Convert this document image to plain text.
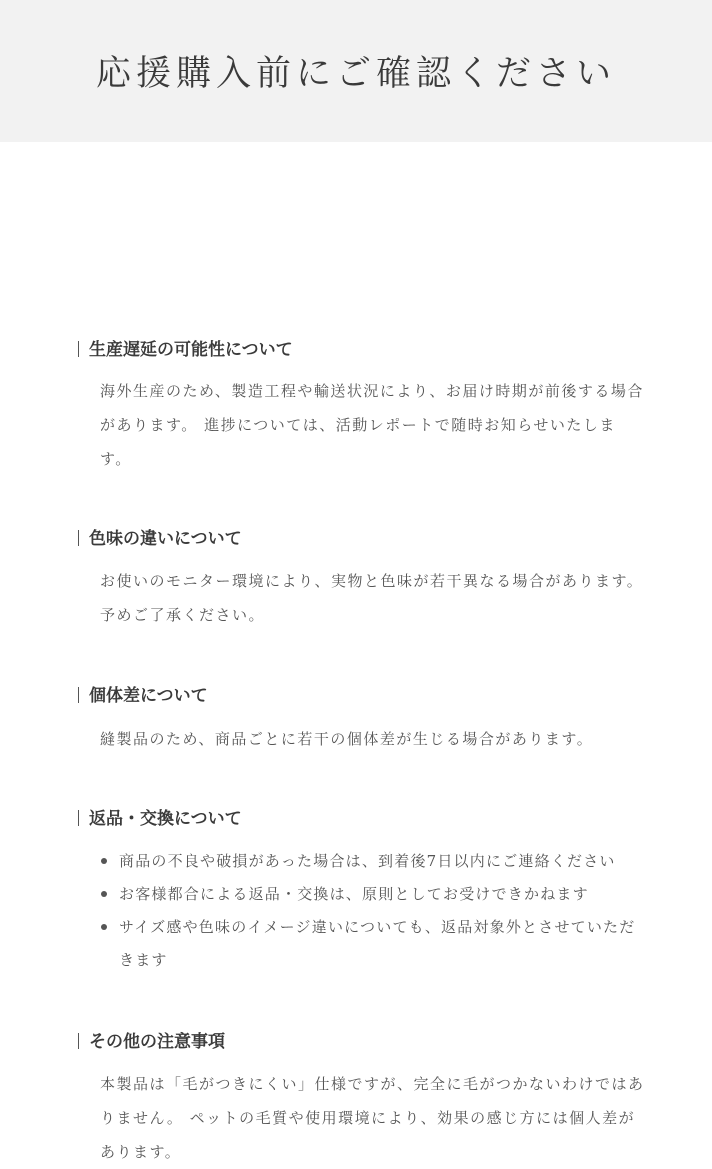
応援購入前にご確認ください
生産遅延の可能性について

海外生産のため、製造工程や輸送状況により、お届け時期が前後する場合があります。 進捗については、活動レポートで随時お知らせいたします。

色味の違いについて

お使いのモニター環境により、実物と色味が若干異なる場合があります。 予めご了承ください。

個体差について

縫製品のため、商品ごとに若干の個体差が生じる場合があります。

返品・交換について
商品の不良や破損があった場合は、到着後7日以内にご連絡ください
お客様都合による返品・交換は、原則としてお受けできかねます
サイズ感や色味のイメージ違いについても、返品対象外とさせていただきます
その他の注意事項

本製品は「毛がつきにくい」仕様ですが、完全に毛がつかないわけではありません。 ペットの毛質や使用環境により、効果の感じ方には個人差があります。
